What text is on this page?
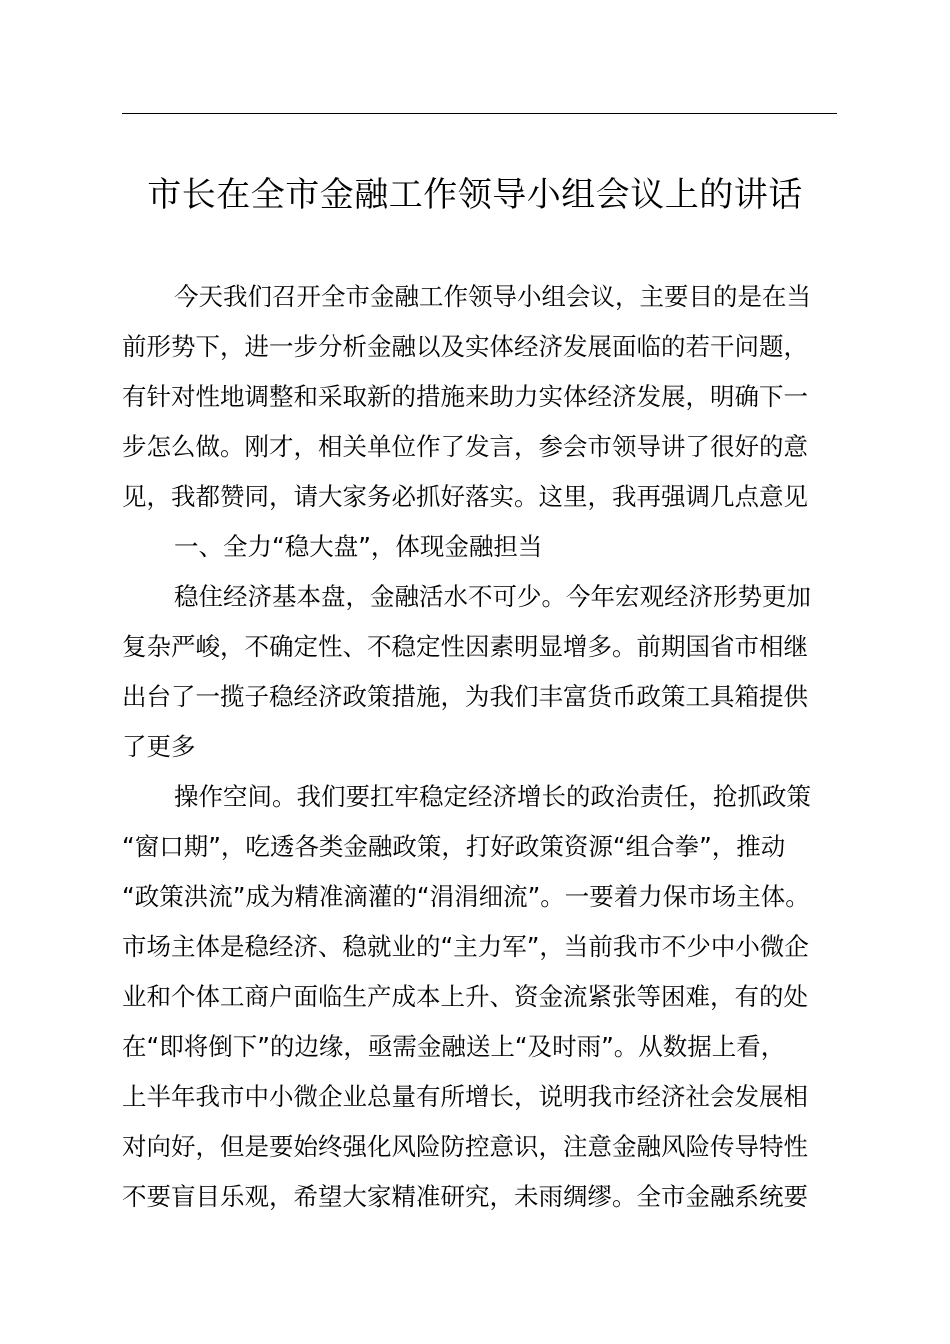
市长在全市金融工作领导小组会议上的讲话
今天我们召开全市金融工作领导小组会议，主要目的是在当
前形势下，进一步分析金融以及实体经济发展面临的若干问题，
有针对性地调整和采取新的措施来助力实体经济发展，明确下一
步怎么做。刚才，相关单位作了发言，参会市领导讲了很好的意
见，我都赞同，请大家务必抓好落实。这里，我再强调几点意见
一、全力“稳大盘”，体现金融担当
稳住经济基本盘，金融活水不可少。今年宏观经济形势更加
复杂严峻，不确定性、不稳定性因素明显增多。前期国省市相继
出台了一揽子稳经济政策措施，为我们丰富货币政策工具箱提供
了更多
操作空间。我们要扛牢稳定经济增长的政治责任，抢抓政策
“窗口期”，吃透各类金融政策，打好政策资源“组合拳”，推动
“政策洪流”成为精准滴灌的“涓涓细流”。一要着力保市场主体。
市场主体是稳经济、稳就业的“主力军”，当前我市不少中小微企
业和个体工商户面临生产成本上升、资金流紧张等困难，有的处
在“即将倒下”的边缘，亟需金融送上“及时雨”。从数据上看，
上半年我市中小微企业总量有所增长，说明我市经济社会发展相
对向好，但是要始终强化风险防控意识，注意金融风险传导特性
不要盲目乐观，希望大家精准研究，未雨绸缪。全市金融系统要
